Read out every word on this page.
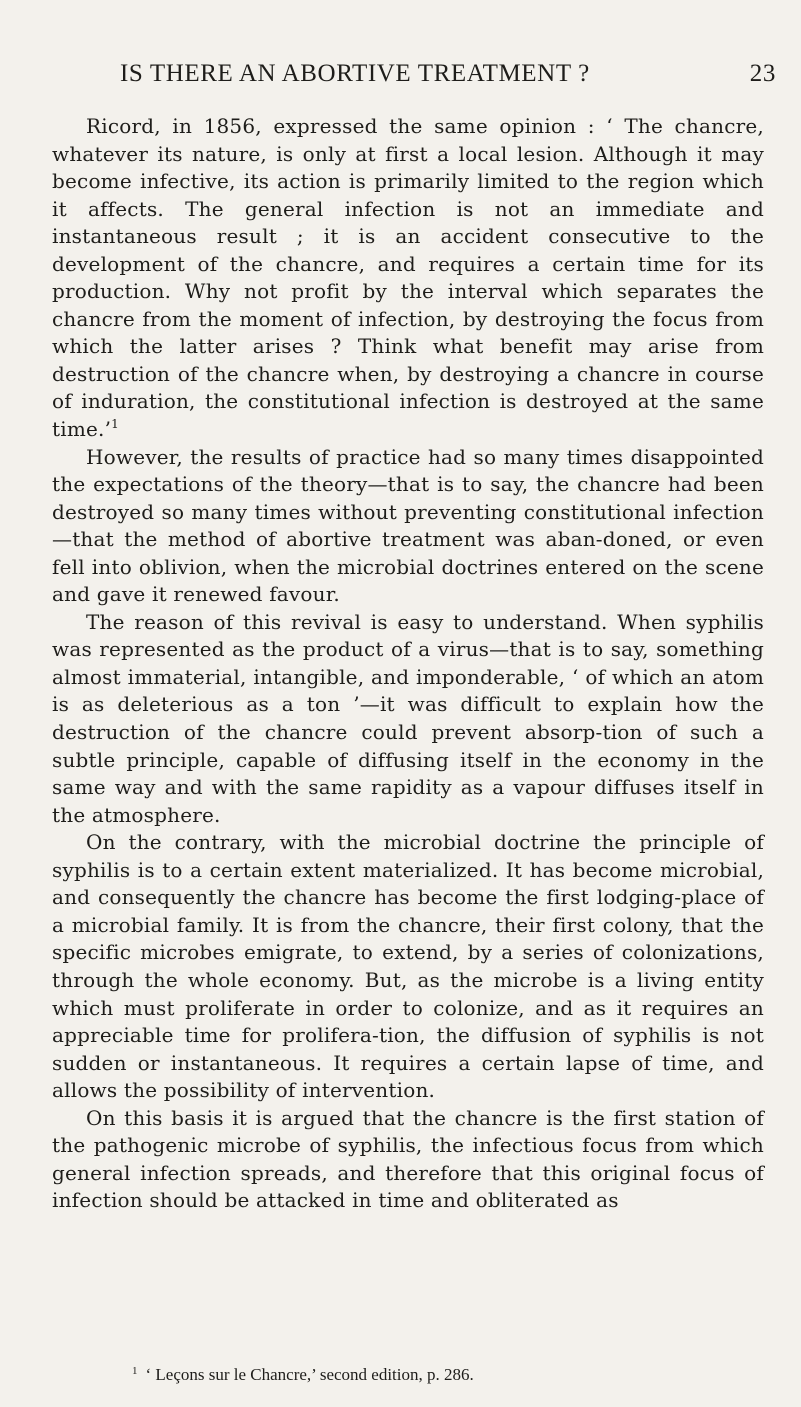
IS THERE AN ABORTIVE TREATMENT ?	23

Ricord, in 1856, expressed the same opinion : ‘ The chancre, whatever its nature, is only at first a local lesion. Although it may become infective, its action is primarily limited to the region which it affects. The general infection is not an immediate and instantaneous result ; it is an accident consecutive to the development of the chancre, and requires a certain time for its production. Why not profit by the interval which separates the chancre from the moment of infection, by destroying the focus from which the latter arises ? Think what benefit may arise from destruction of the chancre when, by destroying a chancre in course of induration, the constitutional infection is destroyed at the same time.’$^1$

However, the results of practice had so many times disappointed the expectations of the theory—that is to say, the chancre had been destroyed so many times without preventing constitutional infection—that the method of abortive treatment was aban-doned, or even fell into oblivion, when the microbial doctrines entered on the scene and gave it renewed favour.

The reason of this revival is easy to understand. When syphilis was represented as the product of a virus—that is to say, something almost immaterial, intangible, and imponderable, ‘ of which an atom is as deleterious as a ton ’—it was difficult to explain how the destruction of the chancre could prevent absorp-tion of such a subtle principle, capable of diffusing itself in the economy in the same way and with the same rapidity as a vapour diffuses itself in the atmosphere.

On the contrary, with the microbial doctrine the principle of syphilis is to a certain extent materialized. It has become microbial, and consequently the chancre has become the first lodging-place of a microbial family. It is from the chancre, their first colony, that the specific microbes emigrate, to extend, by a series of colonizations, through the whole economy. But, as the microbe is a living entity which must proliferate in order to colonize, and as it requires an appreciable time for prolifera-tion, the diffusion of syphilis is not sudden or instantaneous. It requires a certain lapse of time, and allows the possibility of intervention.

On this basis it is argued that the chancre is the first station of the pathogenic microbe of syphilis, the infectious focus from which general infection spreads, and therefore that this original focus of infection should be attacked in time and obliterated as

$^1$ ‘ Leçons sur le Chancre,’ second edition, p. 286.
